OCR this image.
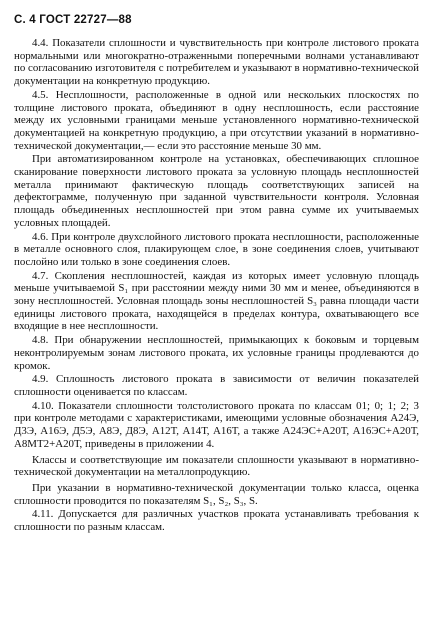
С. 4 ГОСТ 22727—88

4.4. Показатели сплошности и чувствительность при контроле листового проката нормальными или многократно-отраженными поперечными волнами устанавливают по согласованию изготовителя с потребителем и указывают в нормативно-технической документации на конкретную продукцию.

4.5. Несплошности, расположенные в одной или нескольких плоскостях по толщине листового проката, объединяют в одну несплошность, если расстояние между их условными границами меньше установленного нормативно-технической документацией на конкретную продукцию, а при отсутствии указаний в нормативно-технической документации,— если это расстояние меньше 30 мм.

При автоматизированном контроле на установках, обеспечивающих сплошное сканирование поверхности листового проката за условную площадь несплошностей металла принимают фактическую площадь соответствующих записей на дефектограмме, полученную при заданной чувствительности контроля. Условная площадь объединенных несплошностей при этом равна сумме их учитываемых условных площадей.

4.6. При контроле двухслойного листового проката несплошности, расположенные в металле основного слоя, плакирующем слое, в зоне соединения слоев, учитывают послойно или только в зоне соединения слоев.

4.7. Скопления несплошностей, каждая из которых имеет условную площадь меньше учитываемой S₁ при расстоянии между ними 30 мм и менее, объединяются в зону несплошностей. Условная площадь зоны несплошностей S₃ равна площади части единицы листового проката, находящейся в пределах контура, охватывающего все входящие в нее несплошности.

4.8. При обнаружении несплошностей, примыкающих к боковым и торцевым неконтролируемым зонам листового проката, их условные границы продлеваются до кромок.

4.9. Сплошность листового проката в зависимости от величин показателей сплошности оценивается по классам.

4.10. Показатели сплошности толстолистового проката по классам 01; 0; 1; 2; 3 при контроле методами с характеристиками, имеющими условные обозначения А24Э, Д3Э, А16Э, Д5Э, А8Э, Д8Э, А12Т, А14Т, А16Т, а также А24ЭС+А20Т, А16ЭС+А20Т, А8МТ2+А20Т, приведены в приложении 4.

Классы и соответствующие им показатели сплошности указывают в нормативно-технической документации на металлопродукцию.

При указании в нормативно-технической документации только класса, оценка сплошности проводится по показателям S₁, S₂, S₃, S.

4.11. Допускается для различных участков проката устанавливать требования к сплошности по разным классам.
